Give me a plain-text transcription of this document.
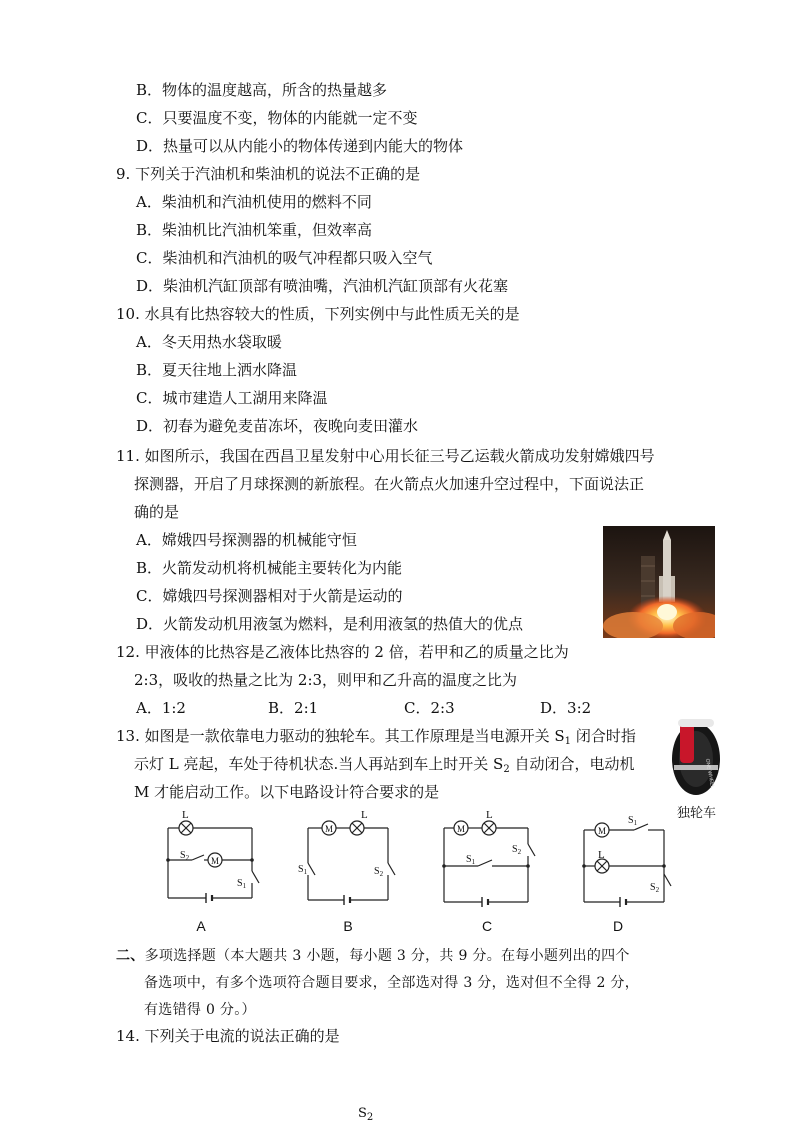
B．物体的温度越高，所含的热量越多
C．只要温度不变，物体的内能就一定不变
D．热量可以从内能小的物体传递到内能大的物体
9. 下列关于汽油机和柴油机的说法不正确的是
A．柴油机和汽油机使用的燃料不同
B．柴油机比汽油机笨重，但效率高
C．柴油机和汽油机的吸气冲程都只吸入空气
D．柴油机汽缸顶部有喷油嘴，汽油机汽缸顶部有火花塞
10. 水具有比热容较大的性质，下列实例中与此性质无关的是
A．冬天用热水袋取暖
B．夏天往地上洒水降温
C．城市建造人工湖用来降温
D．初春为避免麦苗冻坏，夜晚向麦田灌水
11. 如图所示，我国在西昌卫星发射中心用长征三号乙运载火箭成功发射嫦娥四号
探测器，开启了月球探测的新旅程。在火箭点火加速升空过程中，下面说法正
确的是
A．嫦娥四号探测器的机械能守恒
B．火箭发动机将机械能主要转化为内能
C．嫦娥四号探测器相对于火箭是运动的
D．火箭发动机用液氢为燃料，是利用液氢的热值大的优点
12. 甲液体的比热容是乙液体比热容的 2 倍，若甲和乙的质量之比为
2:3，吸收的热量之比为 2:3，则甲和乙升高的温度之比为
A．1:2	B．2:1	C．2:3	D．3:2
13. 如图是一款依靠电力驱动的独轮车。其工作原理是当电源开关 $S_1$ 闭合时指
示灯 L 亮起，车处于待机状态.当人再站到车上时开关 $S_2$ 自动闭合，电动机
M 才能启动工作。以下电路设计符合要求的是
ONE WHEEL
独轮车
L
M
$S_2$
$S_1$
M
L
$S_1$	$S_2$
M
L
$S_1$
$S_2$
M
L
$S_1$
$S_2$
A	B	C	D
二、多项选择题（本大题共 3 小题，每小题 3 分，共 9 分。在每小题列出的四个
备选项中，有多个选项符合题目要求，全部选对得 3 分，选对但不全得 2 分，
有选错得 0 分。）
14. 下列关于电流的说法正确的是
$S_2$
